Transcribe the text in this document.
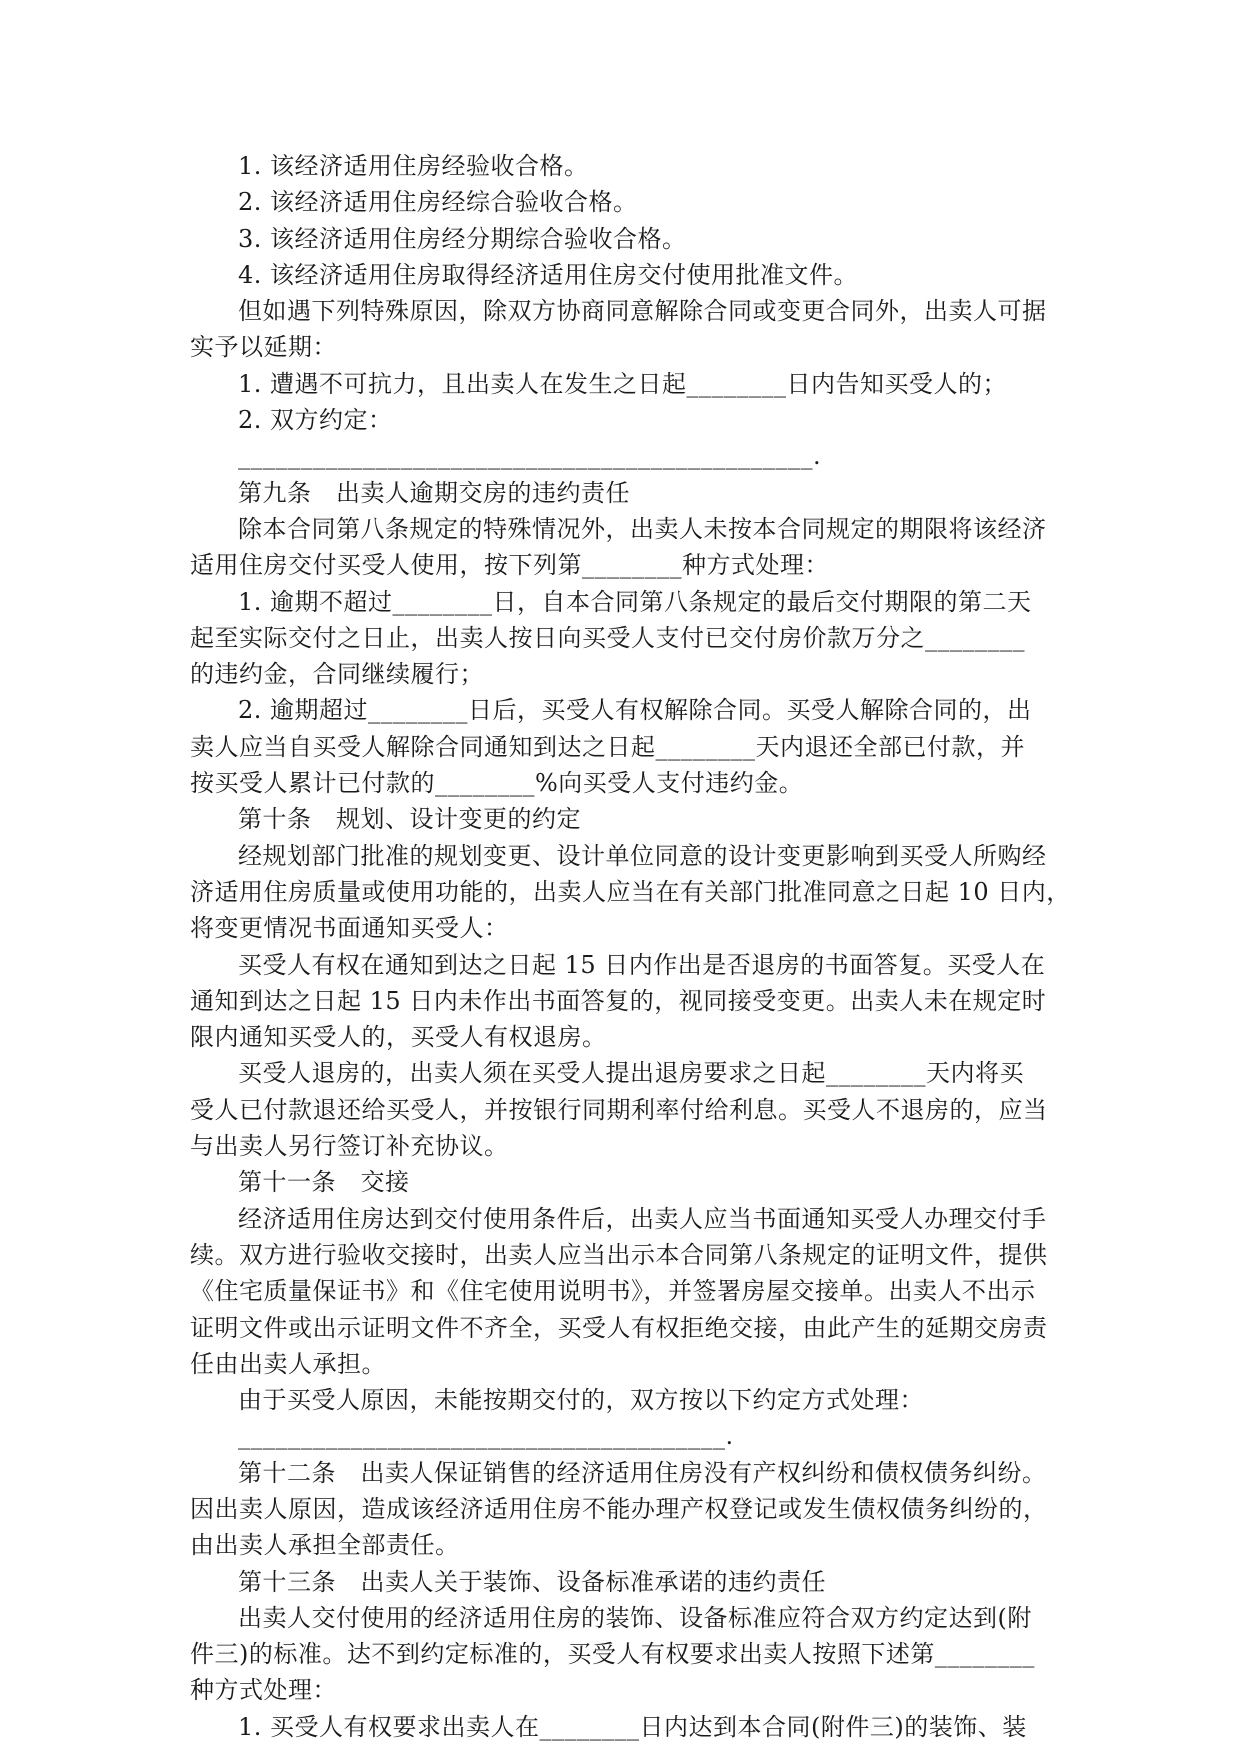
1. 该经济适用住房经验收合格。
2. 该经济适用住房经综合验收合格。
3. 该经济适用住房经分期综合验收合格。
4. 该经济适用住房取得经济适用住房交付使用批准文件。
但如遇下列特殊原因，除双方协商同意解除合同或变更合同外，出卖人可据
实予以延期：
1. 遭遇不可抗力，且出卖人在发生之日起________日内告知买受人的；
2. 双方约定：
______________________________________________.
第九条　出卖人逾期交房的违约责任
除本合同第八条规定的特殊情况外，出卖人未按本合同规定的期限将该经济
适用住房交付买受人使用，按下列第________种方式处理：
1. 逾期不超过________日，自本合同第八条规定的最后交付期限的第二天
起至实际交付之日止，出卖人按日向买受人支付已交付房价款万分之________
的违约金，合同继续履行；
2. 逾期超过________日后，买受人有权解除合同。买受人解除合同的，出
卖人应当自买受人解除合同通知到达之日起________天内退还全部已付款，并
按买受人累计已付款的________%向买受人支付违约金。
第十条　规划、设计变更的约定
经规划部门批准的规划变更、设计单位同意的设计变更影响到买受人所购经
济适用住房质量或使用功能的，出卖人应当在有关部门批准同意之日起 10 日内，
将变更情况书面通知买受人：
买受人有权在通知到达之日起 15 日内作出是否退房的书面答复。买受人在
通知到达之日起 15 日内未作出书面答复的，视同接受变更。出卖人未在规定时
限内通知买受人的，买受人有权退房。
买受人退房的，出卖人须在买受人提出退房要求之日起________天内将买
受人已付款退还给买受人，并按银行同期利率付给利息。买受人不退房的，应当
与出卖人另行签订补充协议。
第十一条　交接
经济适用住房达到交付使用条件后，出卖人应当书面通知买受人办理交付手
续。双方进行验收交接时，出卖人应当出示本合同第八条规定的证明文件，提供
《住宅质量保证书》和《住宅使用说明书》，并签署房屋交接单。出卖人不出示
证明文件或出示证明文件不齐全，买受人有权拒绝交接，由此产生的延期交房责
任由出卖人承担。
由于买受人原因，未能按期交付的，双方按以下约定方式处理：
_______________________________________.
第十二条　出卖人保证销售的经济适用住房没有产权纠纷和债权债务纠纷。
因出卖人原因，造成该经济适用住房不能办理产权登记或发生债权债务纠纷的，
由出卖人承担全部责任。
第十三条　出卖人关于装饰、设备标准承诺的违约责任
出卖人交付使用的经济适用住房的装饰、设备标准应符合双方约定达到(附
件三)的标准。达不到约定标准的，买受人有权要求出卖人按照下述第________
种方式处理：
1. 买受人有权要求出卖人在________日内达到本合同(附件三)的装饰、装
